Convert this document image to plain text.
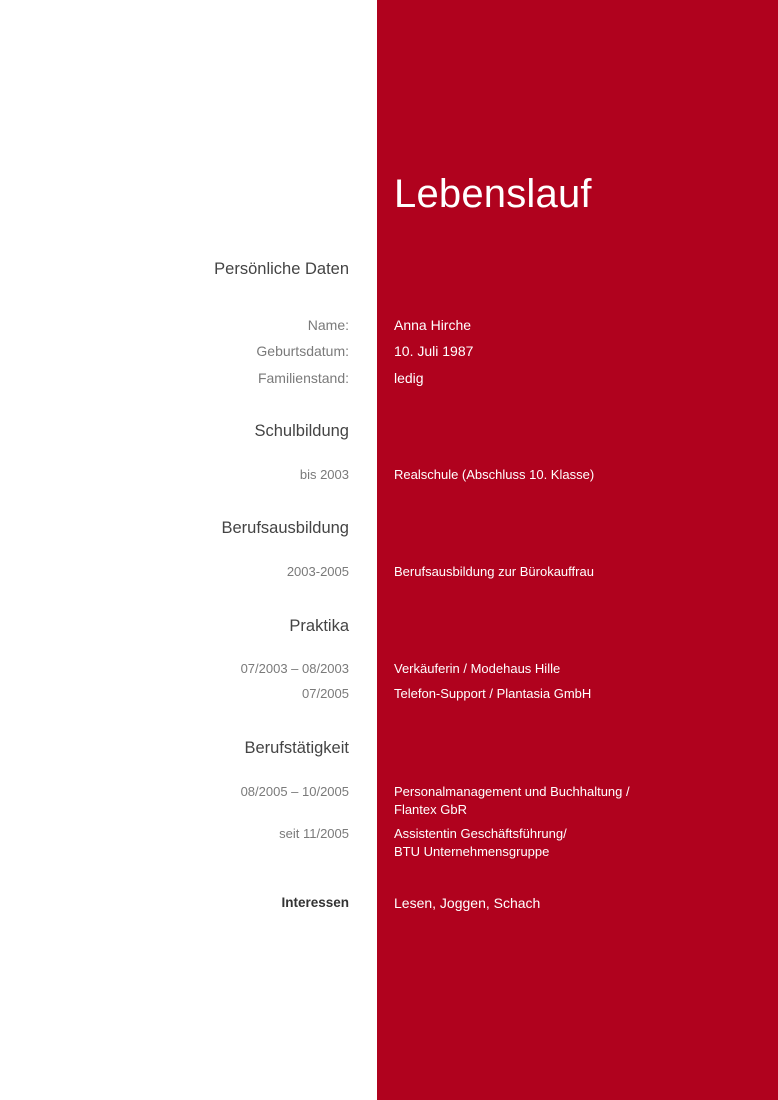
Lebenslauf
Persönliche Daten
Name:	Anna Hirche
Geburtsdatum:	10. Juli 1987
Familienstand:	ledig
Schulbildung
bis 2003	Realschule (Abschluss 10. Klasse)
Berufsausbildung
2003-2005	Berufsausbildung zur Bürokauffrau
Praktika
07/2003 – 08/2003	Verkäuferin / Modehaus Hille
07/2005	Telefon-Support / Plantasia GmbH
Berufstätigkeit
08/2005 – 10/2005	Personalmanagement und Buchhaltung /
Flantex GbR
seit 11/2005	Assistentin Geschäftsführung/
BTU Unternehmensgruppe
Interessen	Lesen, Joggen, Schach
